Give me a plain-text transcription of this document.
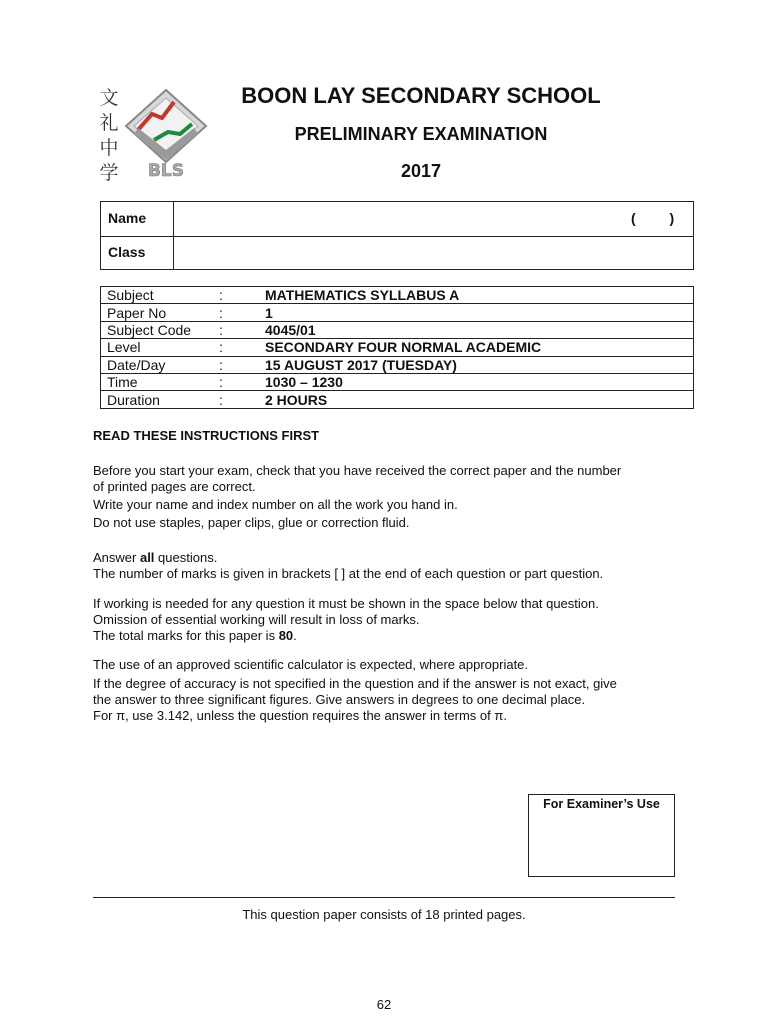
文
礼
中
学 BLS
BOON LAY SECONDARY SCHOOL
PRELIMINARY EXAMINATION
2017
Name	( )
Class
Subject	:	MATHEMATICS SYLLABUS A
Paper No	:	1
Subject Code	:	4045/01
Level	:	SECONDARY FOUR NORMAL ACADEMIC
Date/Day	:	15 AUGUST 2017 (TUESDAY)
Time	:	1030 – 1230
Duration	:	2 HOURS
READ THESE INSTRUCTIONS FIRST

Before you start your exam, check that you have received the correct paper and the number

of printed pages are correct.

Write your name and index number on all the work you hand in.

Do not use staples, paper clips, glue or correction fluid.

Answer all questions.

The number of marks is given in brackets [ ] at the end of each question or part question.

If working is needed for any question it must be shown in the space below that question.

Omission of essential working will result in loss of marks.

The total marks for this paper is 80.

The use of an approved scientific calculator is expected, where appropriate.

If the degree of accuracy is not specified in the question and if the answer is not exact, give

the answer to three significant figures. Give answers in degrees to one decimal place.

For π, use 3.142, unless the question requires the answer in terms of π.

For Examiner’s Use
This question paper consists of 18 printed pages.
62
